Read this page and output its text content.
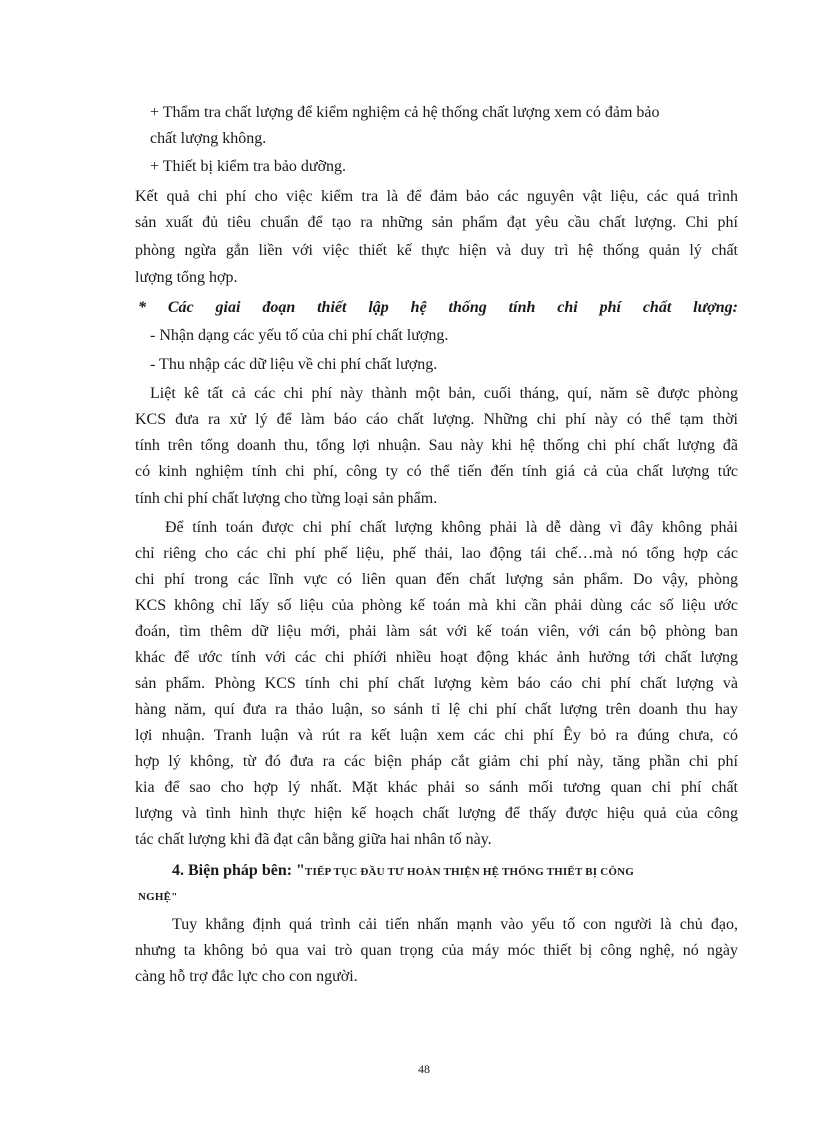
+ Thẩm tra chất lượng để kiểm nghiệm cả hệ thống chất lượng xem có đảm bảo
chất lượng không.
+ Thiết bị kiểm tra bảo dưỡng.
Kết quả chi phí cho việc kiểm tra là để đảm bảo các nguyên vật liệu, các quá trình
sản xuất đủ tiêu chuẩn để tạo ra những sản phẩm đạt yêu cầu chất lượng. Chi phí
phòng ngừa gắn liền với việc thiết kế thực hiện và duy trì hệ thống quản lý chất
lượng tổng hợp.
* Các giai đoạn thiết lập hệ thống tính chi phí chất lượng:
- Nhận dạng các yếu tố của chi phí chất lượng.
- Thu nhập các dữ liệu về chi phí chất lượng.
Liệt kê tất cả các chi phí này thành một bản, cuối tháng, quí, năm sẽ được phòng
KCS đưa ra xử lý để làm báo cáo chất lượng. Những chi phí này có thể tạm thời
tính trên tổng doanh thu, tổng lợi nhuận. Sau này khi hệ thống chi phí chất lượng đã
có kinh nghiệm tính chi phí, công ty có thể tiến đến tính giá cả của chất lượng tức
tính chi phí chất lượng cho từng loại sản phẩm.
Để tính toán được chi phí chất lượng không phải là dễ dàng vì đây không phải
chỉ riêng cho các chi phí phế liệu, phế thải, lao động tái chế…mà nó tổng hợp các
chi phí trong các lĩnh vực có liên quan đến chất lượng sản phẩm. Do vậy, phòng
KCS không chỉ lấy số liệu của phòng kế toán mà khi cần phải dùng các số liệu ước
đoán, tìm thêm dữ liệu mới, phải làm sát với kế toán viên, với cán bộ phòng ban
khác để ước tính với các chi phíới nhiều hoạt động khác ảnh hưởng tới chất lượng
sản phẩm. Phòng KCS tính chi phí chất lượng kèm báo cáo chi phí chất lượng và
hàng năm, quí đưa ra thảo luận, so sánh tỉ lệ chi phí chất lượng trên doanh thu hay
lợi nhuận. Tranh luận và rút ra kết luận xem các chi phí Êy bỏ ra đúng chưa, có
hợp lý không, từ đó đưa ra các biện pháp cắt giảm chi phí này, tăng phần chi phí
kia để sao cho hợp lý nhất. Mặt khác phải so sánh mối tương quan chi phí chất
lượng và tình hình thực hiện kế hoạch chất lượng để thấy được hiệu quả của công
tác chất lượng khi đã đạt cân bằng giữa hai nhân tố này.
4. Biện pháp bên: "TIẾP TỤC ĐẦU TƯ HOÀN THIỆN HỆ THỐNG THIẾT BỊ CÔNG
NGHỆ"
Tuy khẳng định quá trình cải tiến nhấn mạnh vào yếu tố con người là chủ đạo,
nhưng ta không bỏ qua vai trò quan trọng của máy móc thiết bị công nghệ, nó ngày
càng hỗ trợ đắc lực cho con người.
48
